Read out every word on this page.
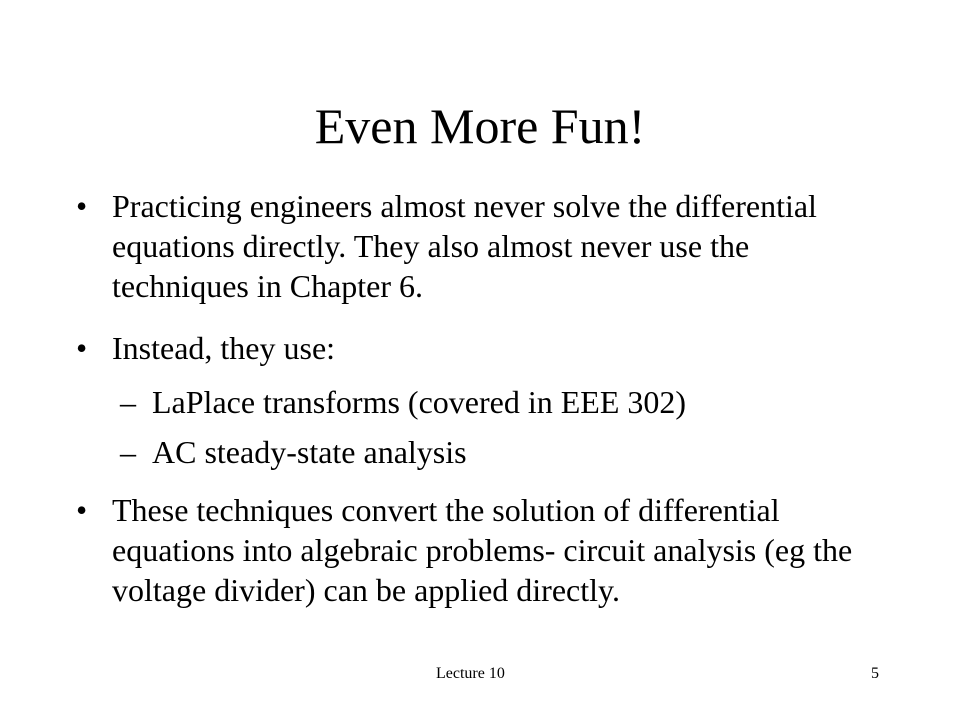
Even More Fun!
• Practicing engineers almost never solve the differential equations directly. They also almost never use the techniques in Chapter 6.
• Instead, they use:
– LaPlace transforms (covered in EEE 302)
– AC steady-state analysis
• These techniques convert the solution of differential equations into algebraic problems- circuit analysis (eg the voltage divider) can be applied directly.
Lecture 10	5
